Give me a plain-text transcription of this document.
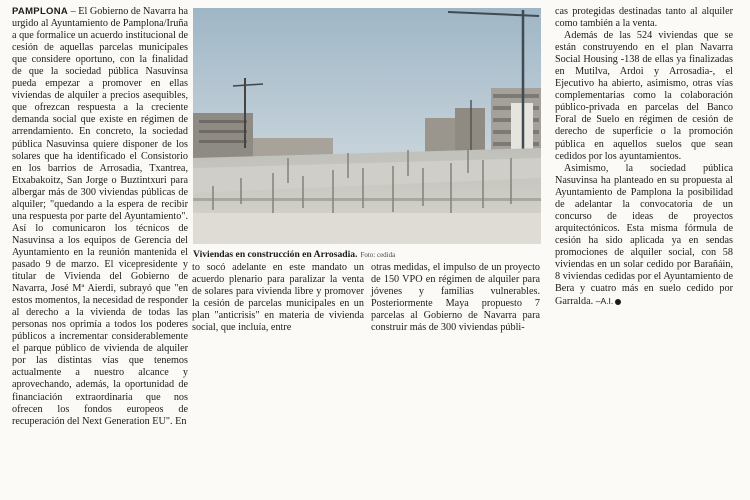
PAMPLONA – El Gobierno de Navarra ha urgido al Ayuntamiento de Pamplona/Iruña a que formalice un acuerdo institucional de cesión de aquellas parcelas municipales que considere oportuno, con la finalidad de que la sociedad pública Nasuvinsa pueda empezar a promover en ellas viviendas de alquiler a precios asequibles, que ofrezcan respuesta a la creciente demanda social que existe en régimen de arrendamiento. En concreto, la sociedad pública Nasuvinsa quiere disponer de los solares que ha identificado el Consistorio en los barrios de Arrosadia, Txantrea, Etxabakoitz, San Jorge o Buztintxuri para albergar más de 300 viviendas públicas de alquiler; "quedando a la espera de recibir una respuesta por parte del Ayuntamiento". Así lo comunicaron los técnicos de Nasuvinsa a los equipos de Gerencia del Ayuntamiento en la reunión mantenida el pasado 9 de marzo. El vicepresidente y titular de Vivienda del Gobierno de Navarra, José Mª Aierdi, subrayó que "en estos momentos, la necesidad de responder al derecho a la vivienda de todas las personas nos oprimía a todos los poderes públicos a incrementar considerablemente el parque público de vivienda de alquiler por las distintas vías que tenemos actualmente a nuestro alcance y aprovechando, además, la oportunidad de financiación extraordinaria que nos ofrecen los fondos europeos de recuperación del Next Generation EU". En

Viviendas en construcción en Arrosadia. Foto: cedida

to socó adelante en este mandato un acuerdo plenario para paralizar la venta de solares para vivienda libre y promover la cesión de parcelas municipales en un plan "anticrisis" en materia de vivienda social, que incluía, entre

otras medidas, el impulso de un proyecto de 150 VPO en régimen de alquiler para jóvenes y familias vulnerables. Posteriormente Maya propuesto 7 parcelas al Gobierno de Navarra para construir más de 300 viviendas públi-

cas protegidas destinadas tanto al alquiler como también a la venta.

Además de las 524 viviendas que se están construyendo en el plan Navarra Social Housing -138 de ellas ya finalizadas en Mutilva, Ardoi y Arrosadia-, el Ejecutivo ha abierto, asimismo, otras vías complementarias como la colaboración público-privada en parcelas del Banco Foral de Suelo en régimen de cesión de derecho de superficie o la promoción pública en aquellos suelos que sean cedidos por los ayuntamientos.

Asimismo, la sociedad pública Nasuvinsa ha planteado en su propuesta al Ayuntamiento de Pamplona la posibilidad de adelantar la convocatoria de un concurso de ideas de proyectos arquitectónicos. Esta misma fórmula de cesión ha sido aplicada ya en sendas promociones de alquiler social, con 58 viviendas en un solar cedido por Barañáin, 8 viviendas cedidas por el Ayuntamiento de Bera y cuatro más en suelo cedido por Garralda. –A.I.
